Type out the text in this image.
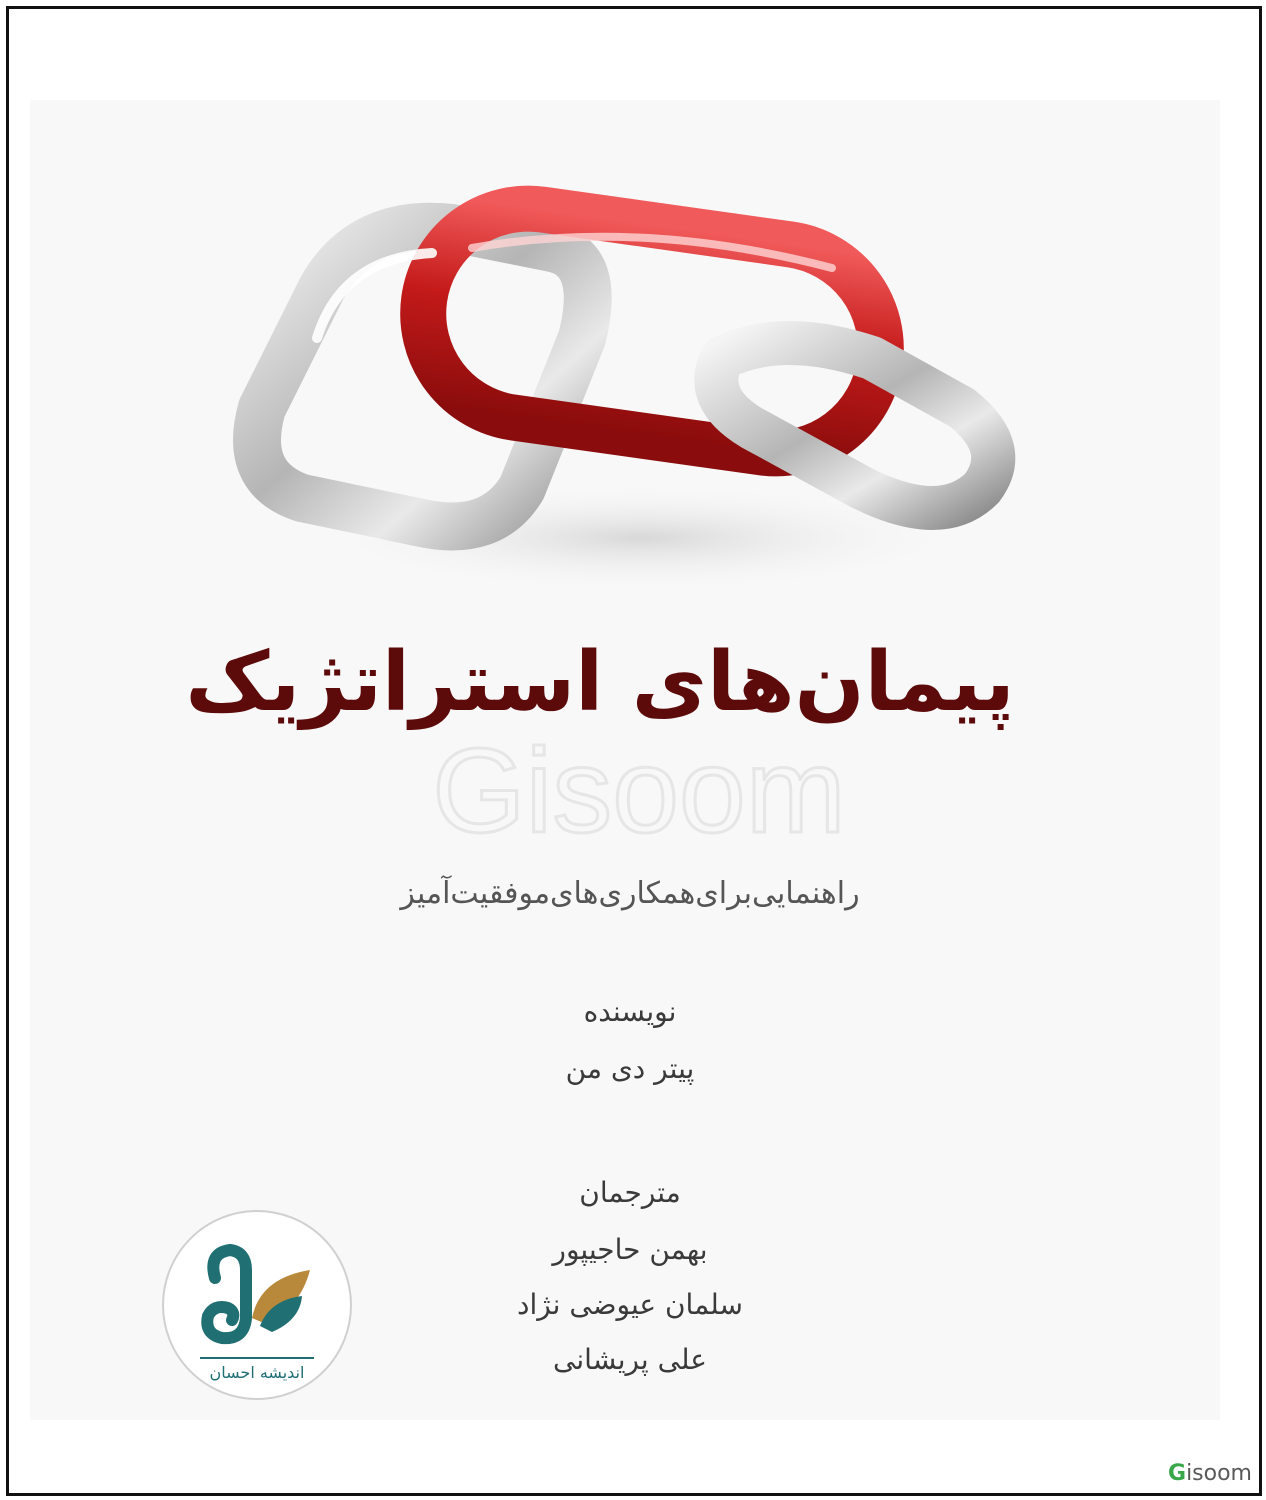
Gisoom
پیمان‌های استراتژیک
راهنمایی‌برای‌همکاری‌های‌موفقیت‌آمیز
نویسنده
پیتر دی من
مترجمان
بهمن حاجیپور
سلمان عیوضی نژاد
علی پریشانی
اندیشه احسان
Gisoom
